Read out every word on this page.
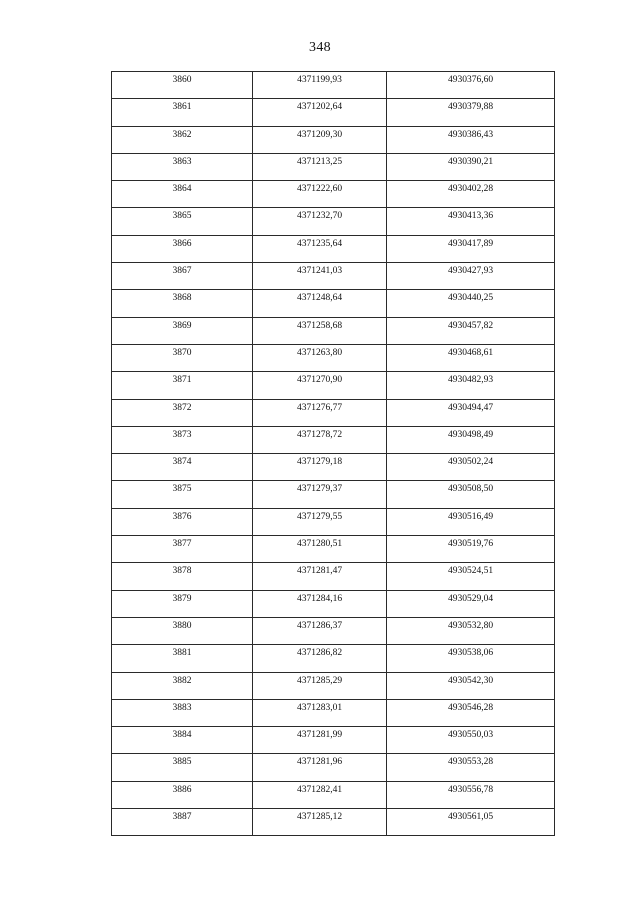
348
3860	4371199,93	4930376,60

3861	4371202,64	4930379,88

3862	4371209,30	4930386,43

3863	4371213,25	4930390,21

3864	4371222,60	4930402,28

3865	4371232,70	4930413,36

3866	4371235,64	4930417,89

3867	4371241,03	4930427,93

3868	4371248,64	4930440,25

3869	4371258,68	4930457,82

3870	4371263,80	4930468,61

3871	4371270,90	4930482,93

3872	4371276,77	4930494,47

3873	4371278,72	4930498,49

3874	4371279,18	4930502,24

3875	4371279,37	4930508,50

3876	4371279,55	4930516,49

3877	4371280,51	4930519,76

3878	4371281,47	4930524,51

3879	4371284,16	4930529,04

3880	4371286,37	4930532,80

3881	4371286,82	4930538,06

3882	4371285,29	4930542,30

3883	4371283,01	4930546,28

3884	4371281,99	4930550,03

3885	4371281,96	4930553,28

3886	4371282,41	4930556,78

3887	4371285,12	4930561,05
